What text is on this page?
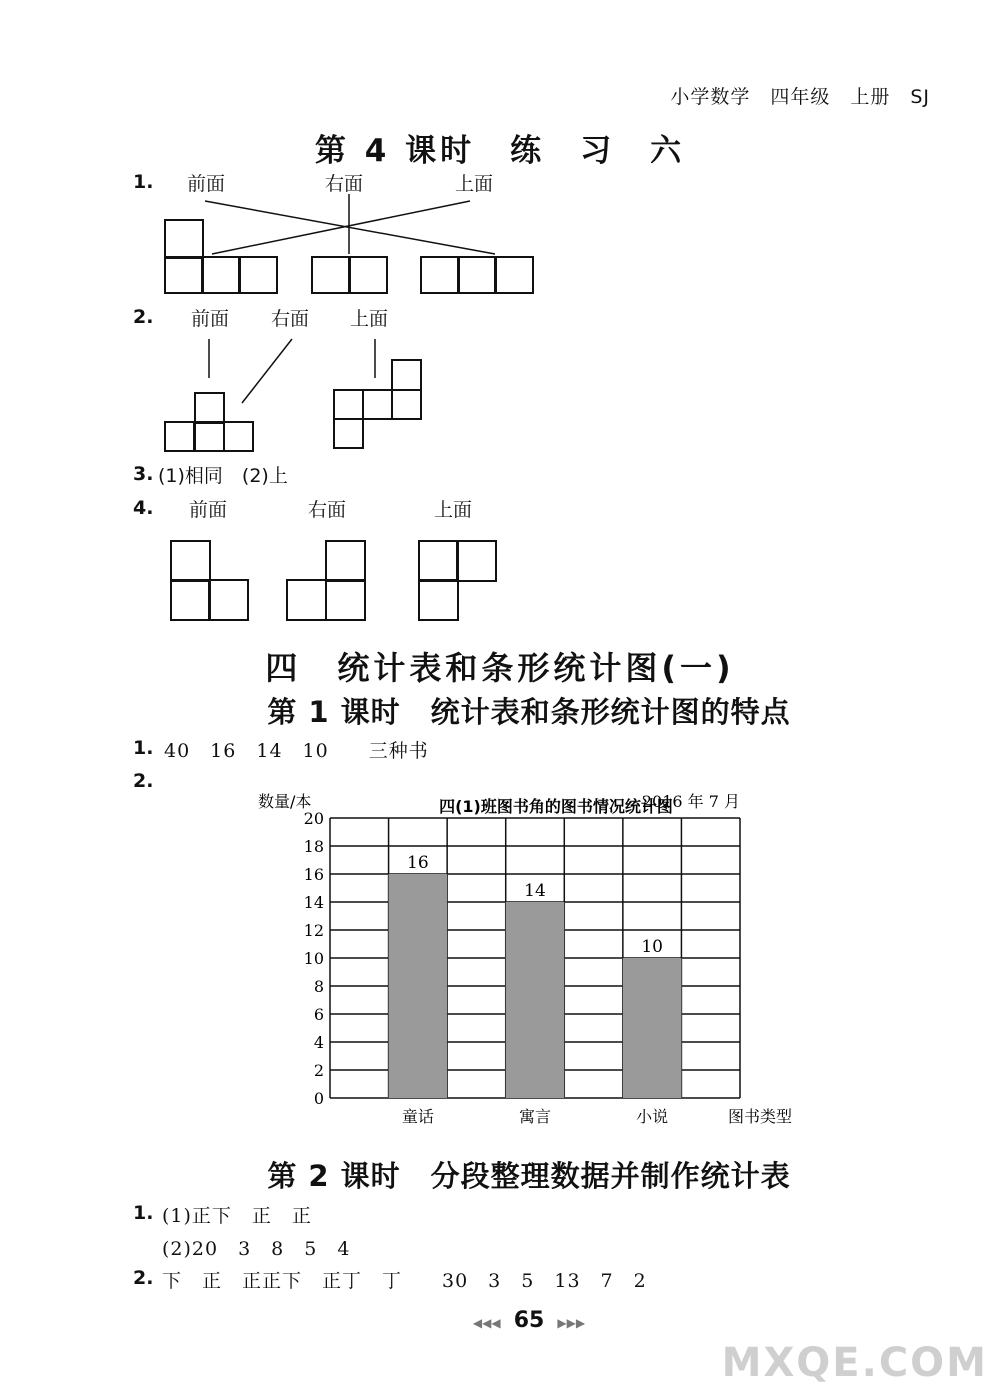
小学数学　四年级　上册　SJ
第 4 课时　练　习　六
1. 前面	右面	上面
2. 前面 右面 上面
3. (1)相同　(2)上
4. 前面	右面	上面
四　统计表和条形统计图(一)
第 1 课时　统计表和条形统计图的特点
1. 40　16　14　10　　三种书
2.
四(1)班图书角的图书情况统计图
数量/本	2016 年 7 月
图书类型
16
14
10
0
2
4
6
8
10
12
14
16
18
20
童话	寓言	小说
第 2 课时　分段整理数据并制作统计表
1. (1)正下　正　正
(2)20　3　8　5　4
2. 下　正　正正下　正丁　丁　　30　3　5　13　7　2
◀◀◀ 65 ▶▶▶
MXQE.COM
